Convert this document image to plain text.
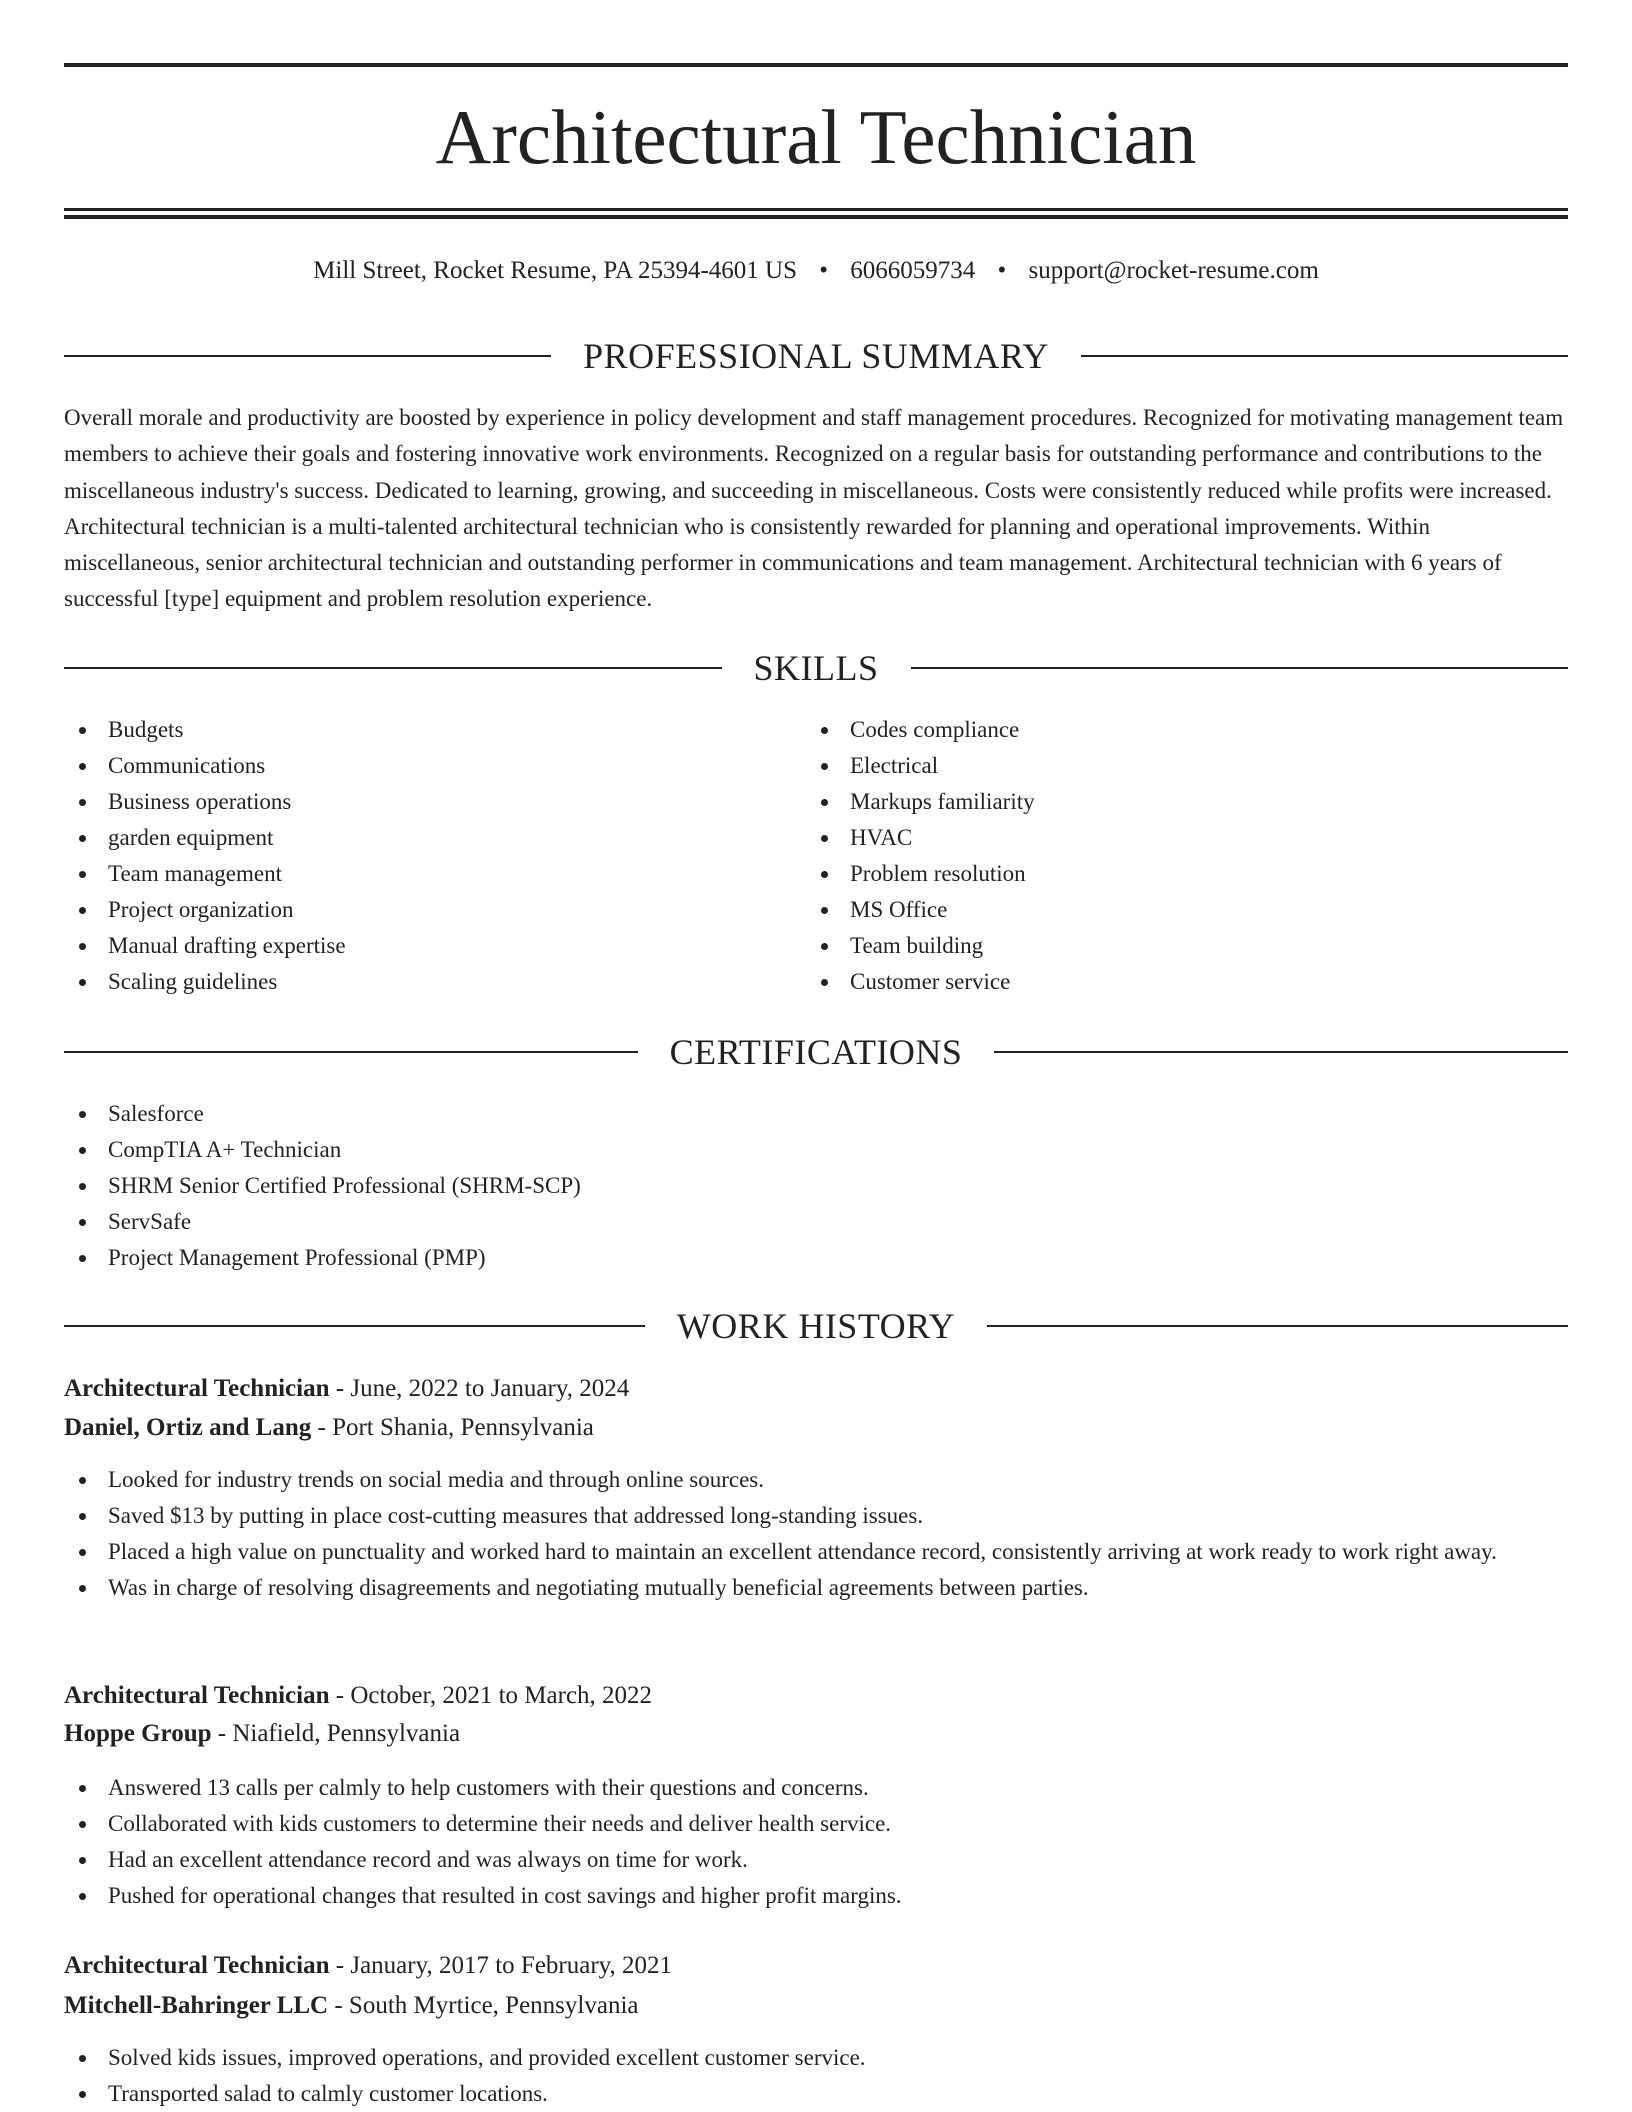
Architectural Technician
Mill Street, Rocket Resume, PA 25394-4601 US • 6066059734 • support@rocket-resume.com
PROFESSIONAL SUMMARY

Overall morale and productivity are boosted by experience in policy development and staff management procedures. Recognized for motivating management team members to achieve their goals and fostering innovative work environments. Recognized on a regular basis for outstanding performance and contributions to the miscellaneous industry's success. Dedicated to learning, growing, and succeeding in miscellaneous. Costs were consistently reduced while profits were increased. Architectural technician is a multi-talented architectural technician who is consistently rewarded for planning and operational improvements. Within miscellaneous, senior architectural technician and outstanding performer in communications and team management. Architectural technician with 6 years of successful [type] equipment and problem resolution experience.

SKILLS
Budgets
Communications
Business operations
garden equipment
Team management
Project organization
Manual drafting expertise
Scaling guidelines
Codes compliance
Electrical
Markups familiarity
HVAC
Problem resolution
MS Office
Team building
Customer service
CERTIFICATIONS
Salesforce
CompTIA A+ Technician
SHRM Senior Certified Professional (SHRM-SCP)
ServSafe
Project Management Professional (PMP)
WORK HISTORY

Architectural Technician - June, 2022 to January, 2024

Daniel, Ortiz and Lang - Port Shania, Pennsylvania

Looked for industry trends on social media and through online sources.
Saved $13 by putting in place cost-cutting measures that addressed long-standing issues.
Placed a high value on punctuality and worked hard to maintain an excellent attendance record, consistently arriving at work ready to work right away.
Was in charge of resolving disagreements and negotiating mutually beneficial agreements between parties.

Architectural Technician - October, 2021 to March, 2022

Hoppe Group - Niafield, Pennsylvania

Answered 13 calls per calmly to help customers with their questions and concerns.
Collaborated with kids customers to determine their needs and deliver health service.
Had an excellent attendance record and was always on time for work.
Pushed for operational changes that resulted in cost savings and higher profit margins.

Architectural Technician - January, 2017 to February, 2021

Mitchell-Bahringer LLC - South Myrtice, Pennsylvania

Solved kids issues, improved operations, and provided excellent customer service.
Transported salad to calmly customer locations.
